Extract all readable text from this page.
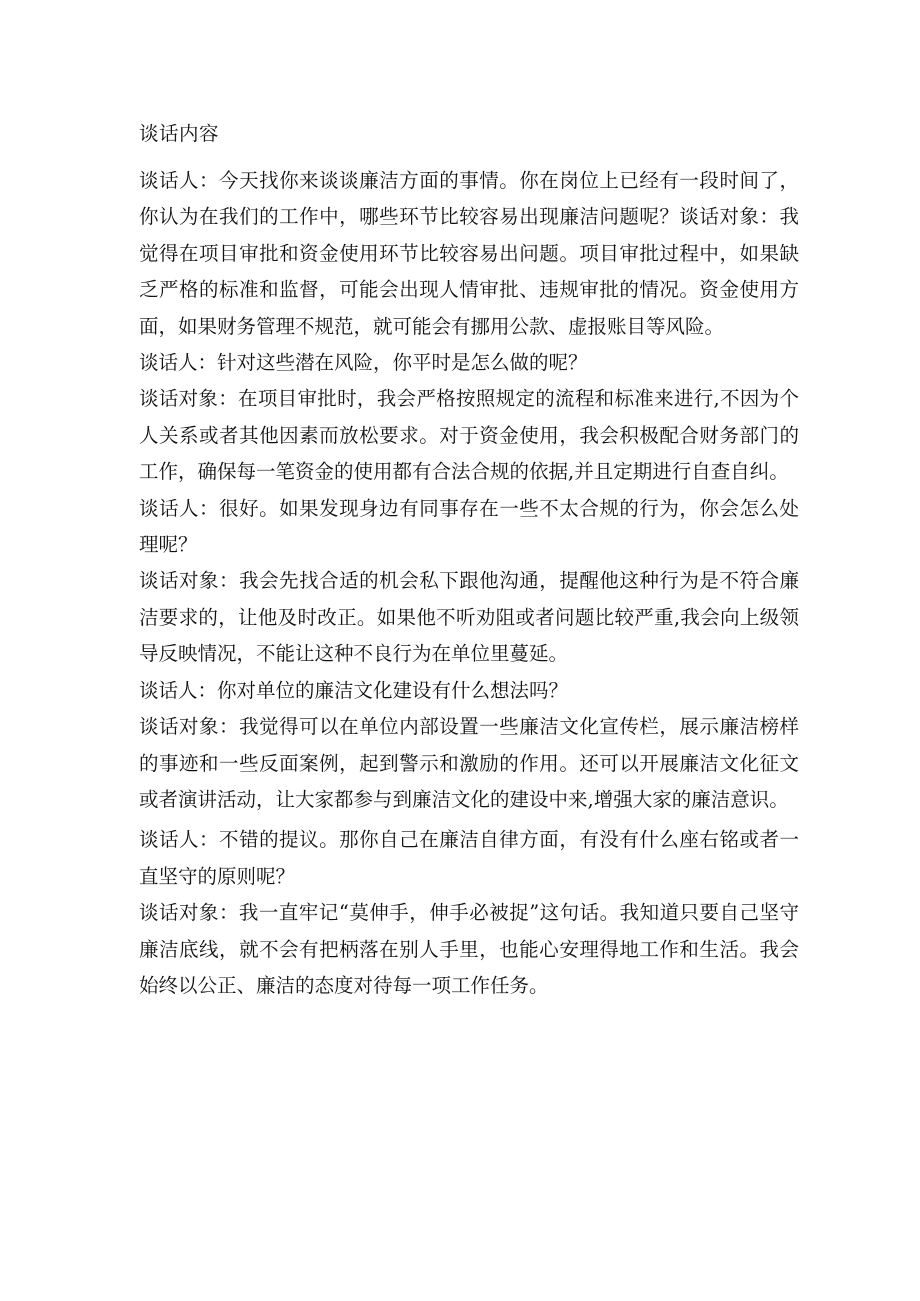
谈话内容

谈话人：今天找你来谈谈廉洁方面的事情。你在岗位上已经有一段时间了，你认为在我们的工作中，哪些环节比较容易出现廉洁问题呢？谈话对象：我觉得在项目审批和资金使用环节比较容易出问题。项目审批过程中，如果缺乏严格的标准和监督，可能会出现人情审批、违规审批的情况。资金使用方面，如果财务管理不规范，就可能会有挪用公款、虚报账目等风险。

谈话人：针对这些潜在风险，你平时是怎么做的呢？

谈话对象：在项目审批时，我会严格按照规定的流程和标准来进行,不因为个人关系或者其他因素而放松要求。对于资金使用，我会积极配合财务部门的工作，确保每一笔资金的使用都有合法合规的依据,并且定期进行自查自纠。

谈话人：很好。如果发现身边有同事存在一些不太合规的行为，你会怎么处理呢？

谈话对象：我会先找合适的机会私下跟他沟通，提醒他这种行为是不符合廉洁要求的，让他及时改正。如果他不听劝阻或者问题比较严重,我会向上级领导反映情况，不能让这种不良行为在单位里蔓延。

谈话人：你对单位的廉洁文化建设有什么想法吗？

谈话对象：我觉得可以在单位内部设置一些廉洁文化宣传栏，展示廉洁榜样的事迹和一些反面案例，起到警示和激励的作用。还可以开展廉洁文化征文或者演讲活动，让大家都参与到廉洁文化的建设中来,增强大家的廉洁意识。

谈话人：不错的提议。那你自己在廉洁自律方面，有没有什么座右铭或者一直坚守的原则呢？

谈话对象：我一直牢记“莫伸手，伸手必被捉”这句话。我知道只要自己坚守廉洁底线，就不会有把柄落在别人手里，也能心安理得地工作和生活。我会始终以公正、廉洁的态度对待每一项工作任务。
